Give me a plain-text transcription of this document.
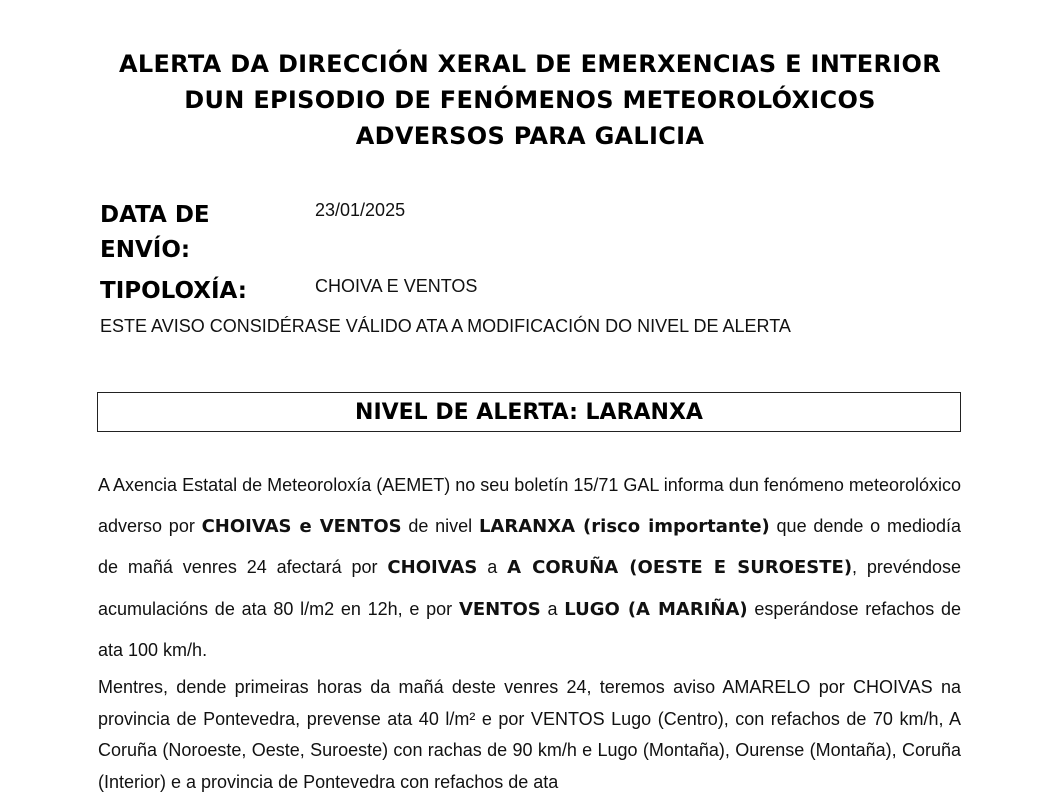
ALERTA DA DIRECCIÓN XERAL DE EMERXENCIAS E INTERIOR
DUN EPISODIO DE FENÓMENOS METEOROLÓXICOS
ADVERSOS PARA GALICIA
DATA DE
ENVÍO:
23/01/2025
TIPOLOXÍA:	CHOIVA E VENTOS
ESTE AVISO CONSIDÉRASE VÁLIDO ATA A MODIFICACIÓN DO NIVEL DE ALERTA
NIVEL DE ALERTA: LARANXA
A Axencia Estatal de Meteoroloxía (AEMET) no seu boletín 15/71 GAL informa dun fenómeno meteorolóxico adverso por CHOIVAS e VENTOS de nivel LARANXA (risco importante) que dende o mediodía de mañá venres 24 afectará por CHOIVAS a A CORUÑA (OESTE E SUROESTE), prevéndose acumulacións de ata 80 l/m2 en 12h, e por VENTOS a LUGO (A MARIÑA) esperándose refachos de ata 100 km/h.
Mentres, dende primeiras horas da mañá deste venres 24, teremos aviso AMARELO por CHOIVAS na provincia de Pontevedra, prevense ata 40 l/m² e por VENTOS Lugo (Centro), con refachos de 70 km/h, A Coruña (Noroeste, Oeste, Suroeste) con rachas de 90 km/h e Lugo (Montaña), Ourense (Montaña), Coruña (Interior) e a provincia de Pontevedra con refachos de ata
